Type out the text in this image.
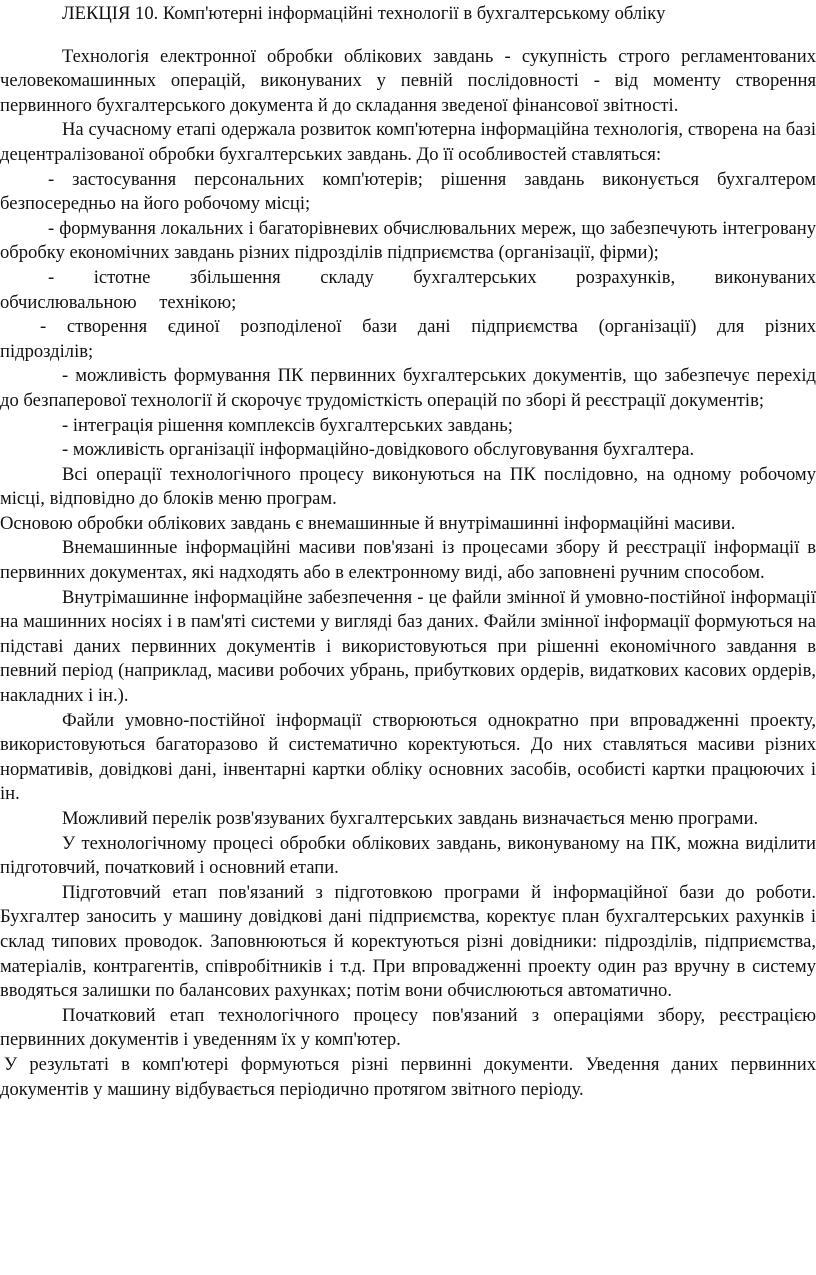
ЛЕКЦІЯ 10. Комп'ютерні інформаційні технології в бухгалтерському обліку

Технологія електронної обробки облікових завдань - сукупність строго регламентованих человекомашинных операцій, виконуваних у певній послідовності - від моменту створення первинного бухгалтерського документа й до складання зведеної фінансової звітності.

На сучасному етапі одержала розвиток комп'ютерна інформаційна технологія, створена на базі децентралізованої обробки бухгалтерських завдань. До її особливостей ставляться:

- застосування персональних комп'ютерів; рішення завдань виконується бухгалтером безпосередньо на його робочому місці;

- формування локальних і багаторівневих обчислювальних мереж, що забезпечують інтегровану обробку економічних завдань різних підрозділів підприємства (організації, фірми);

- істотне збільшення складу бухгалтерських розрахунків, виконуваних обчислювальною технікою;

- створення єдиної розподіленої бази дані підприємства (організації) для різних підрозділів;

- можливість формування ПК первинних бухгалтерських документів, що забезпечує перехід до безпаперової технології й скорочує трудомісткість операцій по зборі й реєстрації документів;

- інтеграція рішення комплексів бухгалтерських завдань;

- можливість організації інформаційно-довідкового обслуговування бухгалтера.

Всі операції технологічного процесу виконуються на ПК послідовно, на одному робочому місці, відповідно до блоків меню програм.

Основою обробки облікових завдань є внемашинные й внутрімашинні інформаційні масиви.

Внемашинные інформаційні масиви пов'язані із процесами збору й реєстрації інформації в первинних документах, які надходять або в електронному виді, або заповнені ручним способом.

Внутрімашинне інформаційне забезпечення - це файли змінної й умовно-постійної інформації на машинних носіях і в пам'яті системи у вигляді баз даних. Файли змінної інформації формуються на підставі даних первинних документів і використовуються при рішенні економічного завдання в певний період (наприклад, масиви робочих убрань, прибуткових ордерів, видаткових касових ордерів, накладних і ін.).

Файли умовно-постійної інформації створюються однократно при впровадженні проекту, використовуються багаторазово й систематично коректуються. До них ставляться масиви різних нормативів, довідкові дані, інвентарні картки обліку основних засобів, особисті картки працюючих і ін.

Можливий перелік розв'язуваних бухгалтерських завдань визначається меню програми.

У технологічному процесі обробки облікових завдань, виконуваному на ПК, можна виділити підготовчий, початковий і основний етапи.

Підготовчий етап пов'язаний з підготовкою програми й інформаційної бази до роботи. Бухгалтер заносить у машину довідкові дані підприємства, коректує план бухгалтерських рахунків і склад типових проводок. Заповнюються й коректуються різні довідники: підрозділів, підприємства, матеріалів, контрагентів, співробітників і т.д. При впровадженні проекту один раз вручну в систему вводяться залишки по балансових рахунках; потім вони обчислюються автоматично.

Початковий етап технологічного процесу пов'язаний з операціями збору, реєстрацією первинних документів і уведенням їх у комп'ютер.

У результаті в комп'ютері формуються різні первинні документи. Уведення даних первинних документів у машину відбувається періодично протягом звітного періоду.
